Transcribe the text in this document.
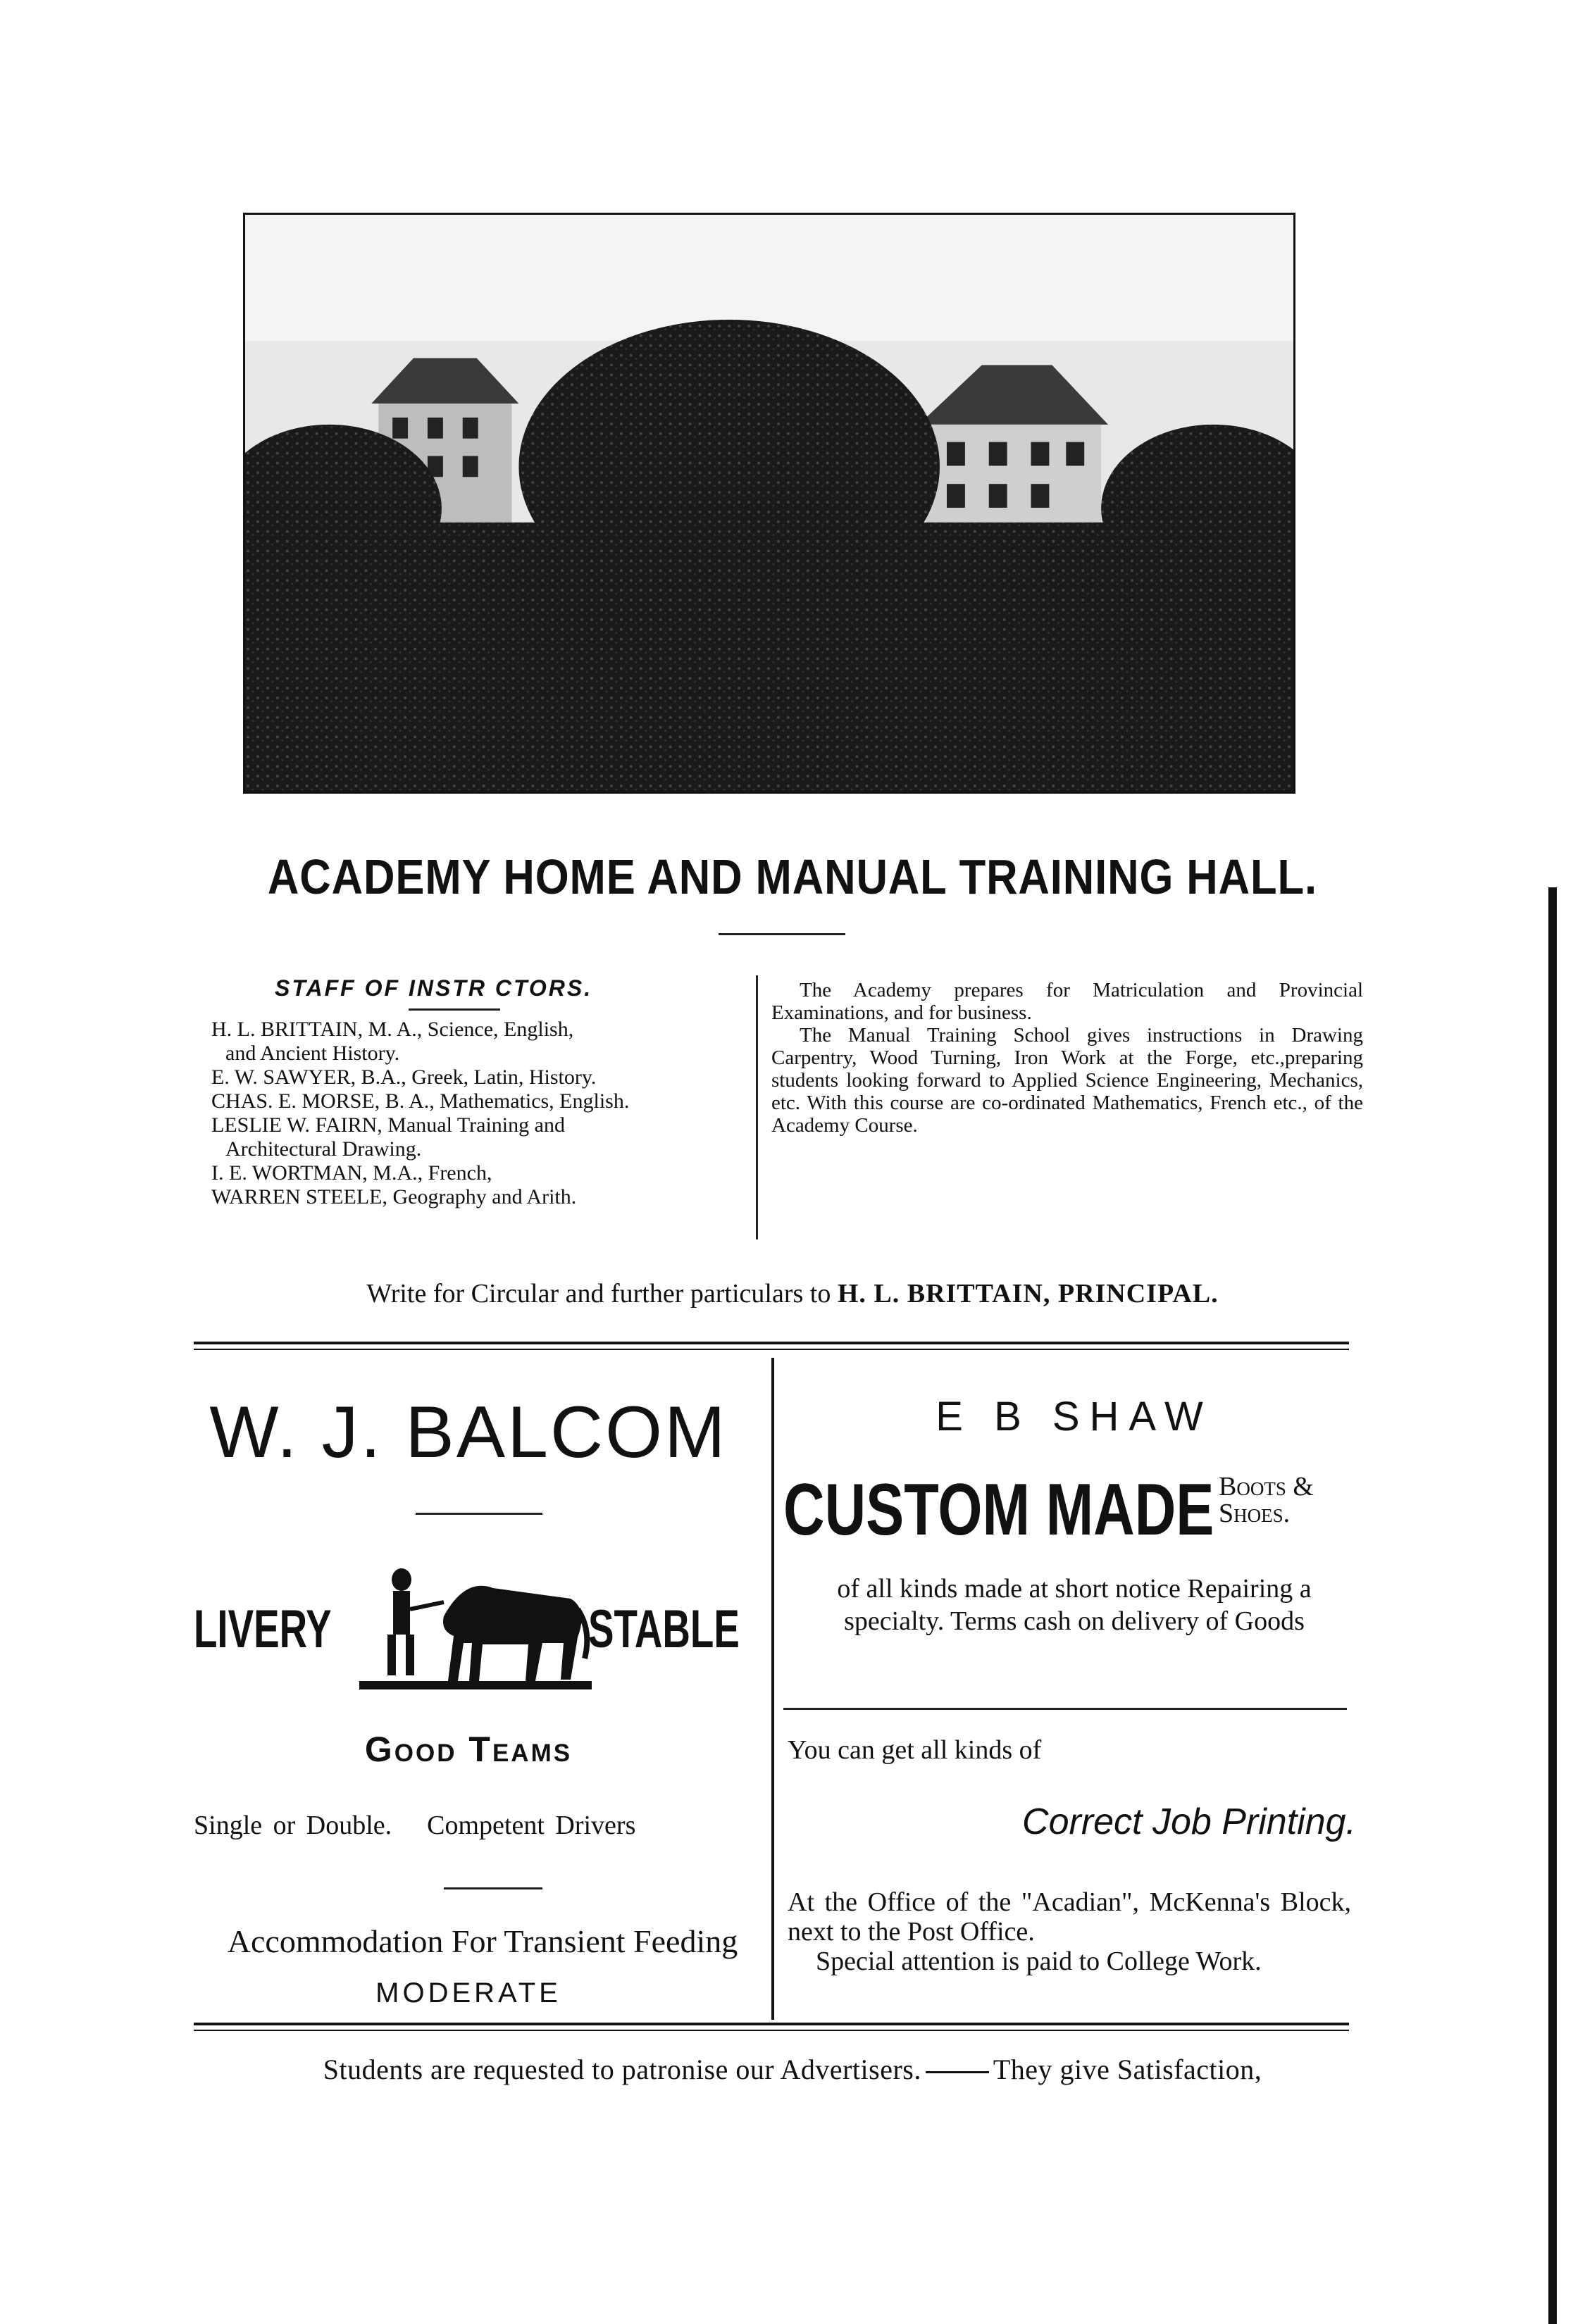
ACADEMY HOME AND MANUAL TRAINING HALL.
STAFF OF INSTR CTORS.
H. L. BRITTAIN, M. A., Science, English,
and Ancient History.
E. W. SAWYER, B.A., Greek, Latin, History.
CHAS. E. MORSE, B. A., Mathematics, English.
LESLIE W. FAIRN, Manual Training and
Architectural Drawing.
I. E. WORTMAN, M.A., French,
WARREN STEELE, Geography and Arith.

The Academy prepares for Matriculation and Provincial Examinations, and for business.

The Manual Training School gives instructions in Drawing Carpentry, Wood Turning, Iron Work at the Forge, etc.,preparing students looking forward to Applied Science Engineering, Mechanics, etc. With this course are co-ordinated Mathematics, French etc., of the Academy Course.

Write for Circular and further particulars to H. L. BRITTAIN, PRINCIPAL.
W. J. BALCOM
LIVERY	STABLE
Good Teams
Single or Double. Competent Drivers
Accommodation For Transient Feeding
MODERATE
E B SHAW
CUSTOM MADE Boots &
Shoes.
of all kinds made at short notice Repairing a specialty. Terms cash on delivery of Goods
You can get all kinds of
Correct Job Printing.

At the Office of the "Acadian", McKenna's Block, next to the Post Office.

Special attention is paid to College Work.

Students are requested to patronise our Advertisers.	They give Satisfaction,
